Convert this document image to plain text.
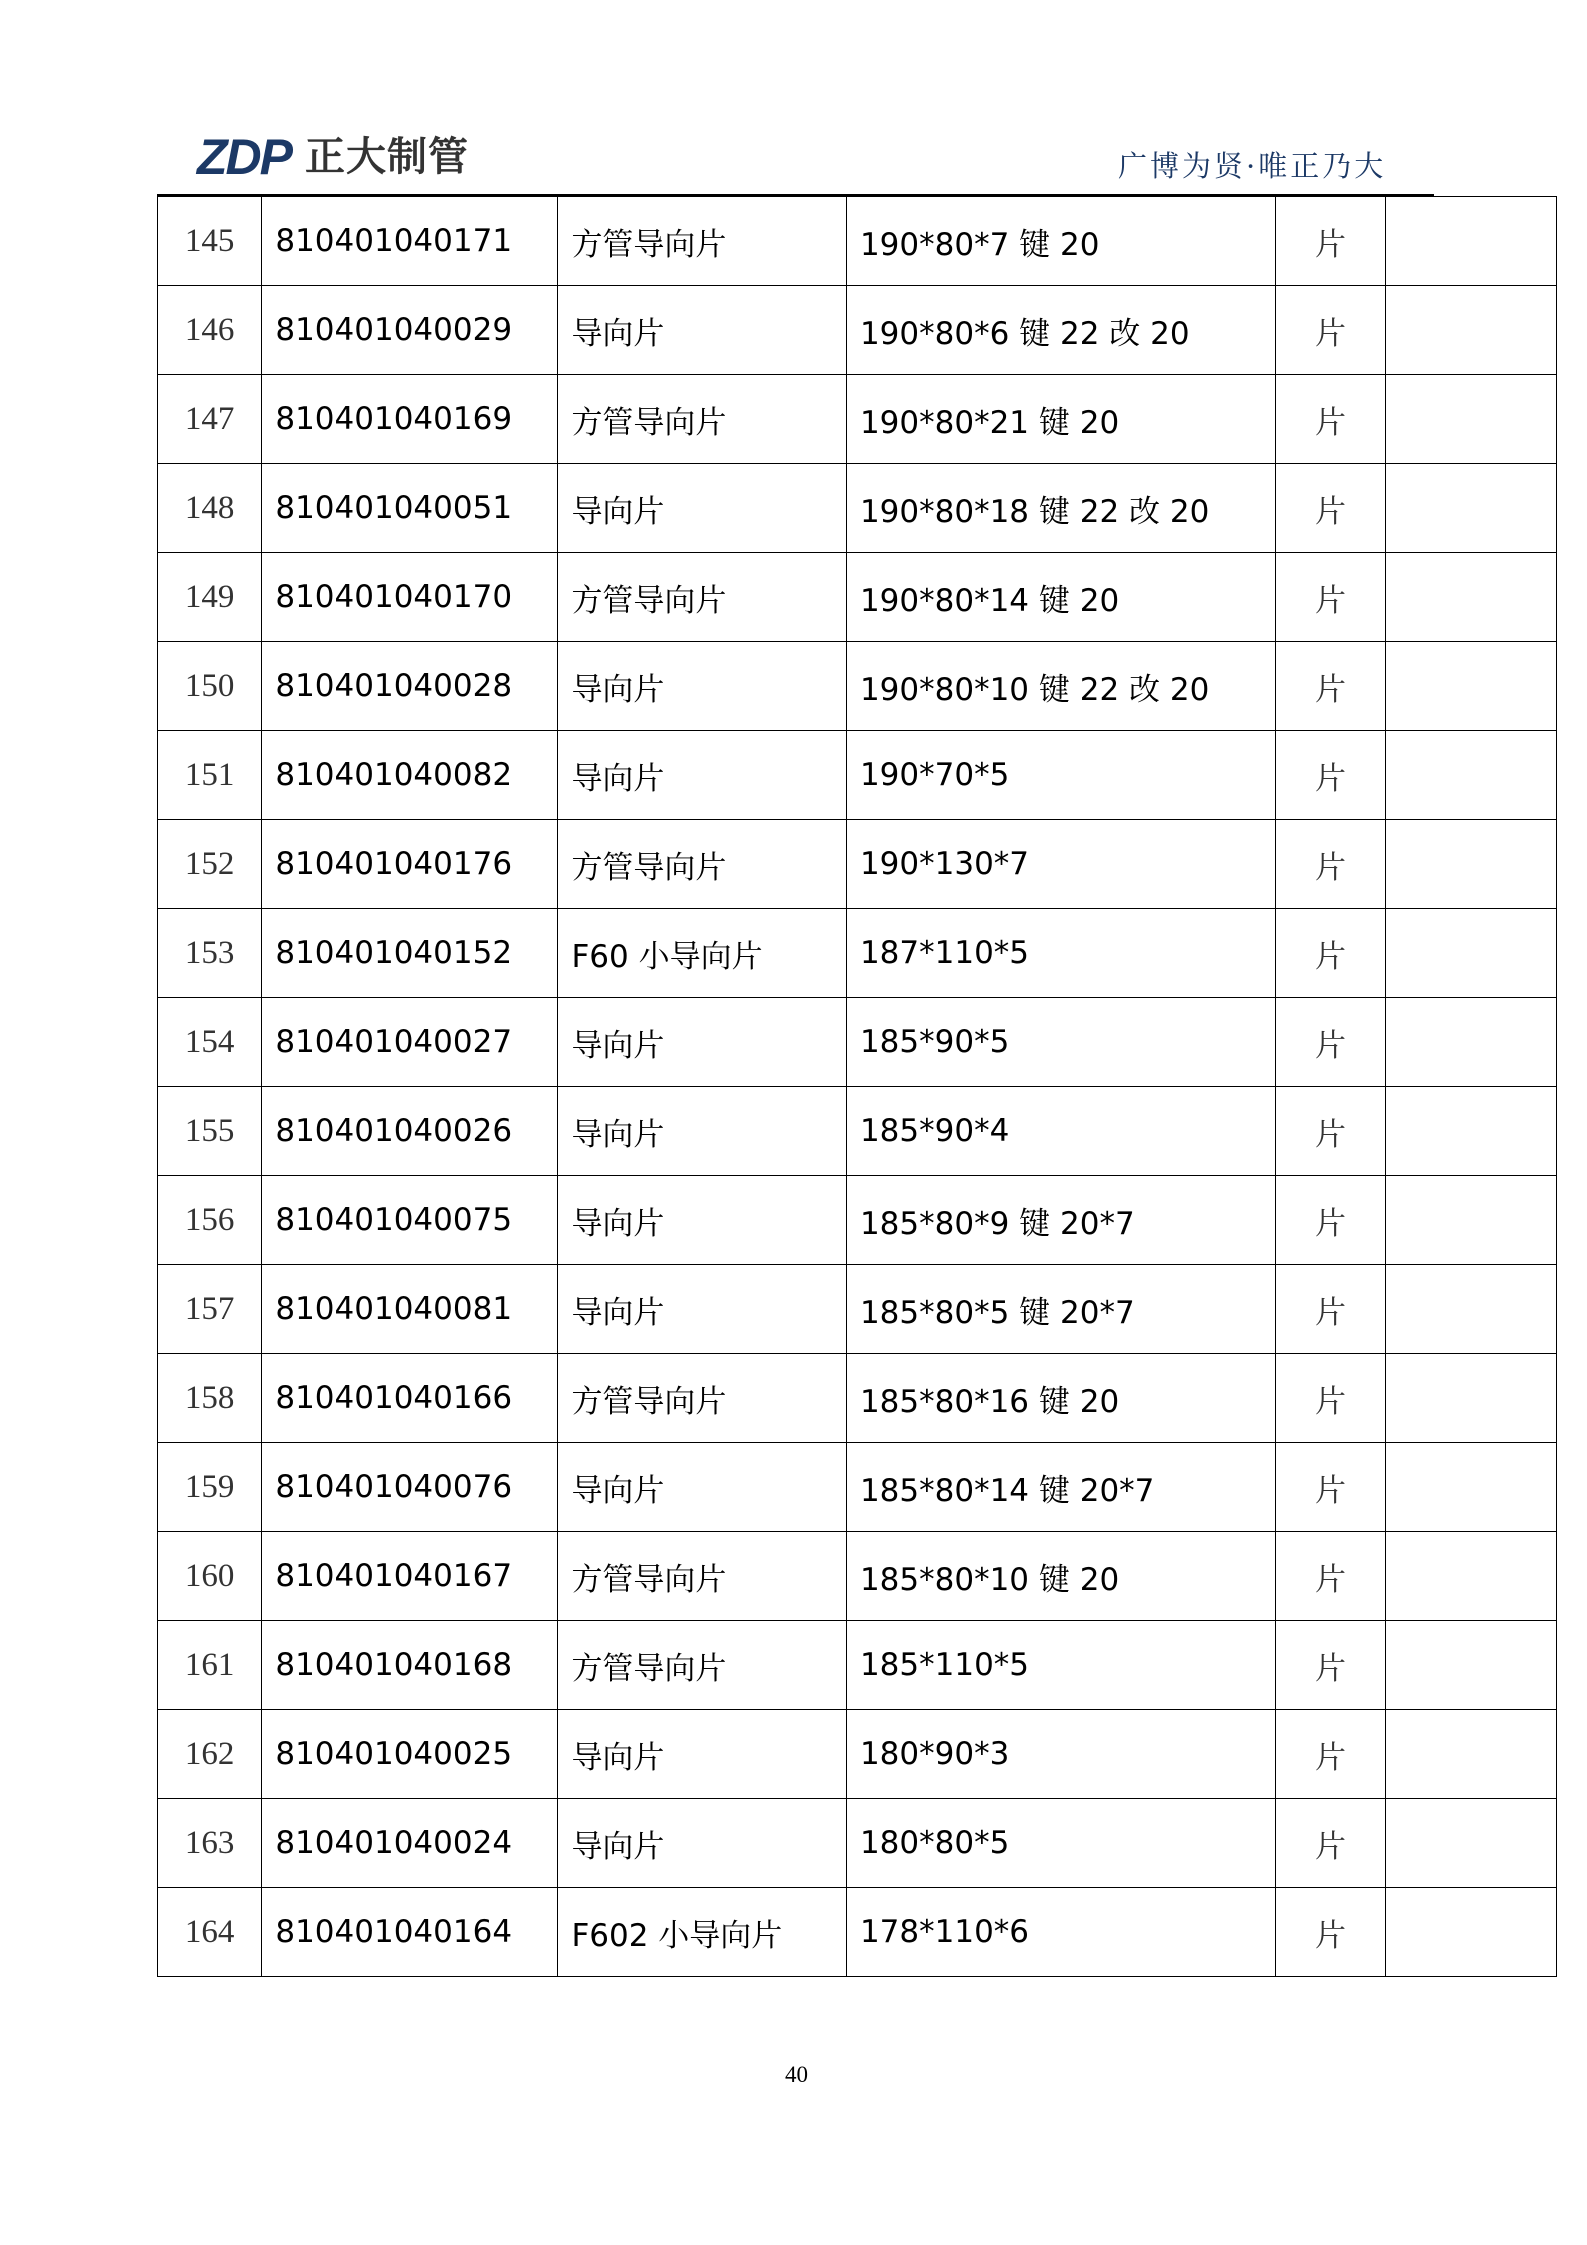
ZDP 正大制管	广博为贤·唯正乃大
145	810401040171	方管导向片	190*80*7 键 20	片	
146	810401040029	导向片	190*80*6 键 22 改 20	片	
147	810401040169	方管导向片	190*80*21 键 20	片	
148	810401040051	导向片	190*80*18 键 22 改 20	片	
149	810401040170	方管导向片	190*80*14 键 20	片	
150	810401040028	导向片	190*80*10 键 22 改 20	片	
151	810401040082	导向片	190*70*5	片	
152	810401040176	方管导向片	190*130*7	片	
153	810401040152	F60 小导向片	187*110*5	片	
154	810401040027	导向片	185*90*5	片	
155	810401040026	导向片	185*90*4	片	
156	810401040075	导向片	185*80*9 键 20*7	片	
157	810401040081	导向片	185*80*5 键 20*7	片	
158	810401040166	方管导向片	185*80*16 键 20	片	
159	810401040076	导向片	185*80*14 键 20*7	片	
160	810401040167	方管导向片	185*80*10 键 20	片	
161	810401040168	方管导向片	185*110*5	片	
162	810401040025	导向片	180*90*3	片	
163	810401040024	导向片	180*80*5	片	
164	810401040164	F602 小导向片	178*110*6	片	
40
